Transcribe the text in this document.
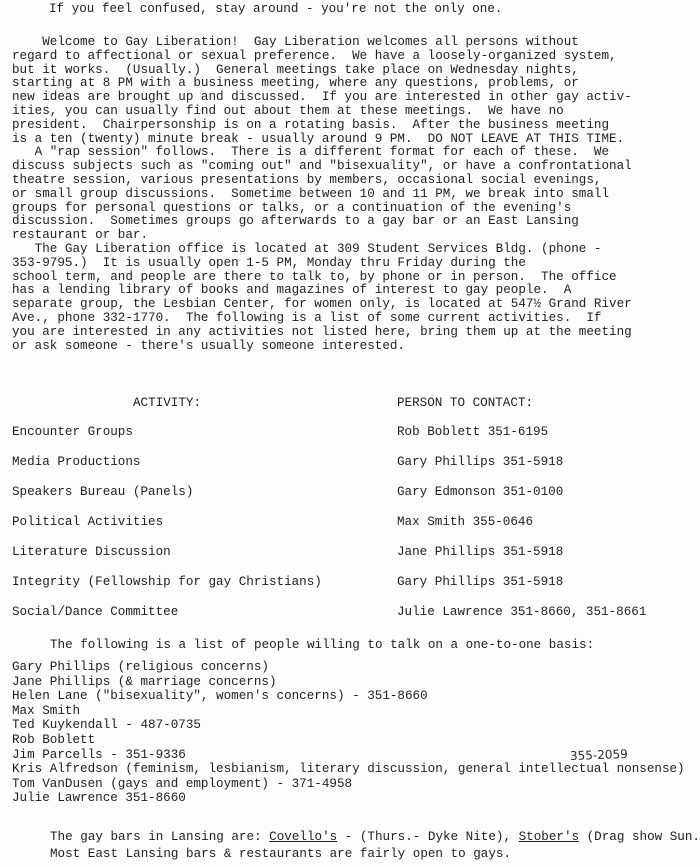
If you feel confused, stay around - you're not the only one.

Welcome to Gay Liberation!  Gay Liberation welcomes all persons without

regard to affectional or sexual preference.  We have a loosely-organized system,

but it works.  (Usually.)  General meetings take place on Wednesday nights,

starting at 8 PM with a business meeting, where any questions, problems, or

new ideas are brought up and discussed.  If you are interested in other gay activ-

ities, you can usually find out about them at these meetings.  We have no

president.  Chairpersonship is on a rotating basis.  After the business meeting

is a ten (twenty) minute break - usually around 9 PM.  DO NOT LEAVE AT THIS TIME.

A "rap session" follows.  There is a different format for each of these.  We

discuss subjects such as "coming out" and "bisexuality", or have a confrontational

theatre session, various presentations by members, occasional social evenings,

or small group discussions.  Sometime between 10 and 11 PM, we break into small

groups for personal questions or talks, or a continuation of the evening's

discussion.  Sometimes groups go afterwards to a gay bar or an East Lansing

restaurant or bar.

The Gay Liberation office is located at 309 Student Services Bldg. (phone -

353-9795.)  It is usually open 1-5 PM, Monday thru Friday during the

school term, and people are there to talk to, by phone or in person.  The office

has a lending library of books and magazines of interest to gay people.  A

separate group, the Lesbian Center, for women only, is located at 547½ Grand River

Ave., phone 332-1770.  The following is a list of some current activities.  If

you are interested in any activities not listed here, bring them up at the meeting

or ask someone - there's usually someone interested.

ACTIVITY:	PERSON TO CONTACT:

Encounter Groups	Rob Boblett 351-6195

Media Productions	Gary Phillips 351-5918

Speakers Bureau (Panels)	Gary Edmonson 351-0100

Political Activities	Max Smith 355-0646

Literature Discussion	Jane Phillips 351-5918

Integrity (Fellowship for gay Christians)	Gary Phillips 351-5918

Social/Dance Committee	Julie Lawrence 351-8660, 351-8661

The following is a list of people willing to talk on a one-to-one basis:

Gary Phillips (religious concerns)

Jane Phillips (& marriage concerns)

Helen Lane ("bisexuality", women's concerns) - 351-8660

Max Smith

Ted Kuykendall - 487-0735

Rob Boblett

Jim Parcells - 351-9336

Kris Alfredson (feminism, lesbianism, literary discussion, general intellectual nonsense)

Tom VanDusen (gays and employment) - 371-4958

Julie Lawrence 351-8660

355-2059

The gay bars in Lansing are: Covello's - (Thurs.- Dyke Nite), Stober's (Drag show Sun.

Most East Lansing bars & restaurants are fairly open to gays.
